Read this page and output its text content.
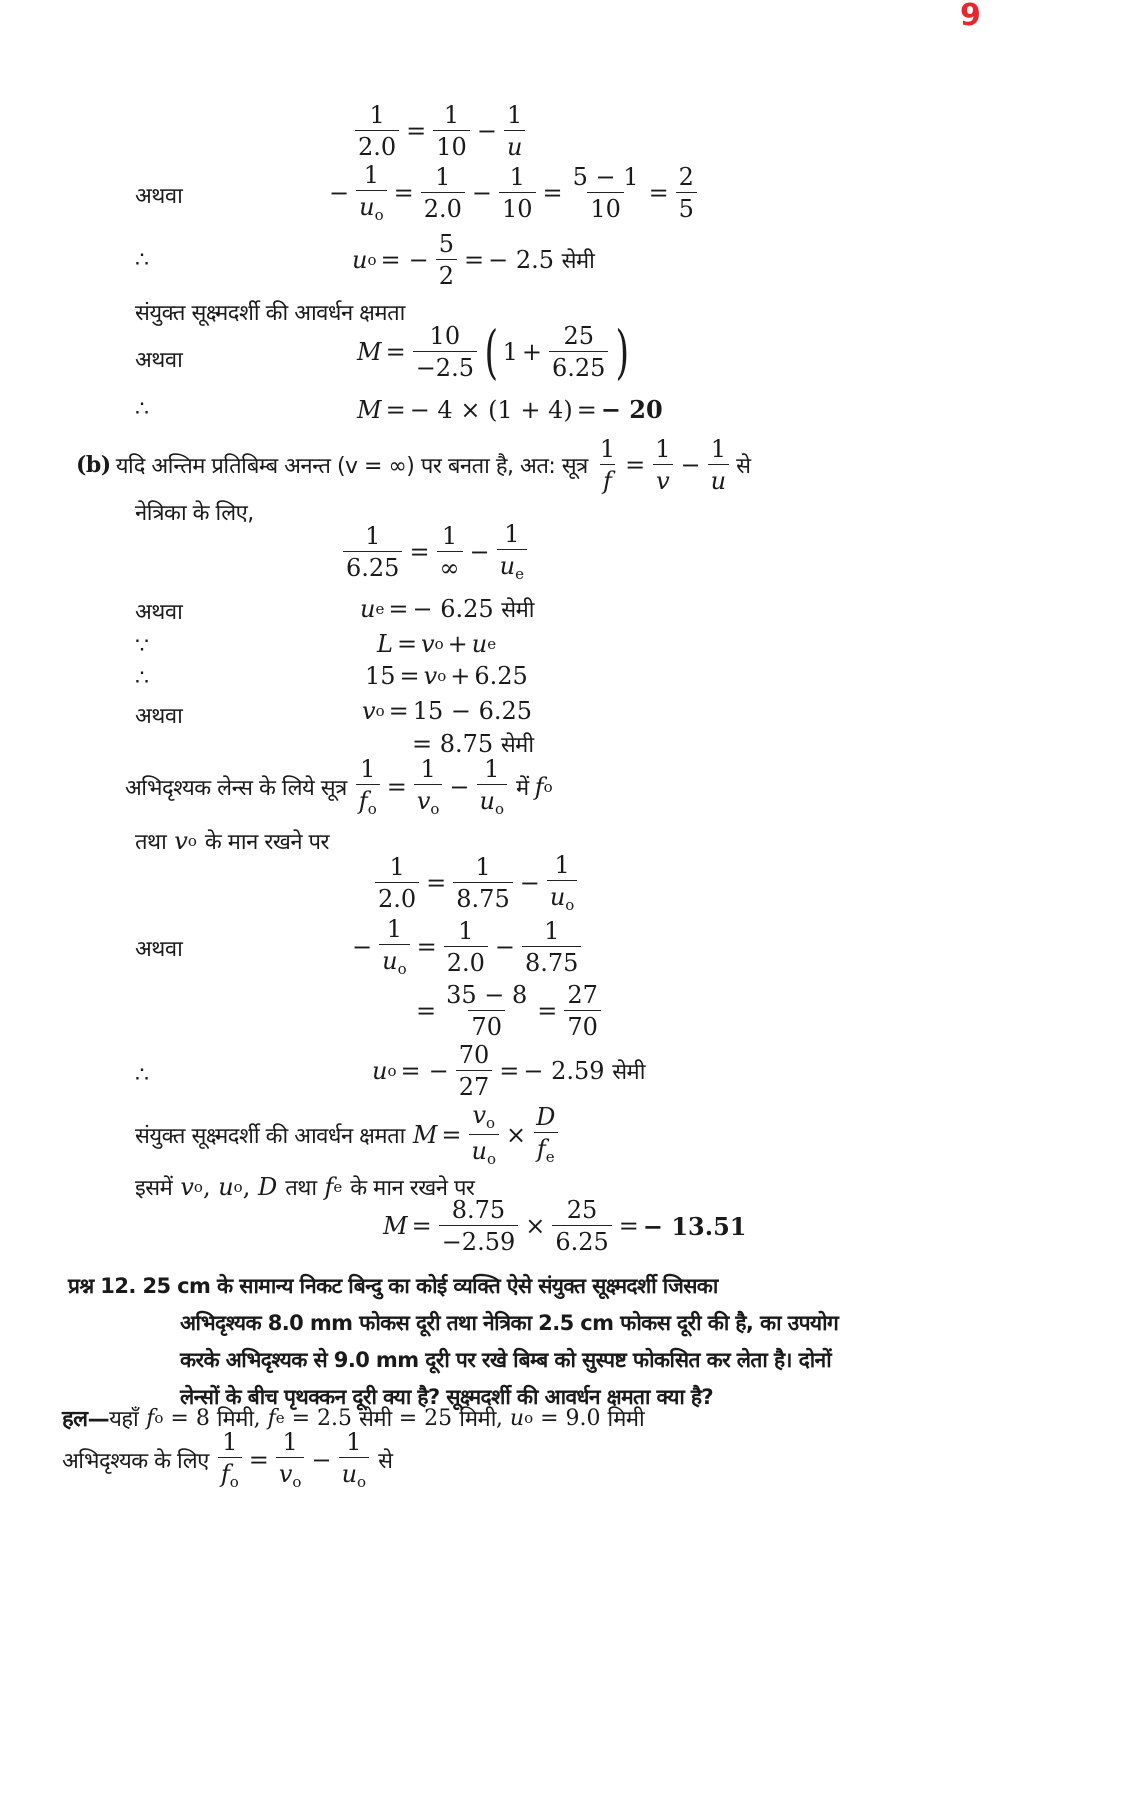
9
$\frac{1}{2.0} = \frac{1}{10} - \frac{1}{u}$
अथवा	− $\frac{1}{u_o} = \frac{1}{2.0} - \frac{1}{10} = \frac{5 - 1}{10} = \frac{2}{5}$
∴	u o = − $\frac{5}{2}$ = − 2.5
सेमी
संयुक्त सूक्ष्मदर्शी की आवर्धन क्षमता
अथवा	$M = \frac{10}{-2.5}$ ( $1 + \frac{25}{6.25}$ )
∴	M = − 4 × (1 + 4) = − 20
(b)
यदि अन्तिम प्रतिबिम्ब अनन्त (v = ∞) पर बनता है, अत: सूत्र $\frac{1}{f} = \frac{1}{v} - \frac{1}{u}$ से
नेत्रिका के लिए,
$\frac{1}{6.25} = \frac{1}{\infty} - \frac{1}{u_e}$
अथवा	u e = − 6.25 सेमी
∵	L = v o + u e
∴	15 = v o + 6.25
अथवा	v o = 15 − 6.25
= 8.75 सेमी
अभिदृश्यक लेन्स के लिये सूत्र $\frac{1}{f_o} = \frac{1}{v_o} - \frac{1}{u_o}$ में f o
तथा v o के मान रखने पर
$\frac{1}{2.0} = \frac{1}{8.75} - \frac{1}{u_o}$
अथवा	− $\frac{1}{u_o} = \frac{1}{2.0} - \frac{1}{8.75}$
= $\frac{35 - 8}{70} = \frac{27}{70}$
∴	u o = − $\frac{70}{27}$ = − 2.59 सेमी
संयुक्त सूक्ष्मदर्शी की आवर्धन क्षमता $M = \frac{v_o}{u_o} \times \frac{D}{f_e}$
इसमें v o , u o , D तथा f e के मान रखने पर
$M = \frac{8.75}{-2.59} \times \frac{25}{6.25}$ = − 13.51
प्रश्न 12. 25 cm के सामान्य निकट बिन्दु का कोई व्यक्ति ऐसे संयुक्त सूक्ष्मदर्शी जिसका
अभिदृश्यक 8.0 mm फोकस दूरी तथा नेत्रिका 2.5 cm फोकस दूरी की है, का उपयोग
करके अभिदृश्यक से 9.0 mm दूरी पर रखे बिम्ब को सुस्पष्ट फोकसित कर लेता है। दोनों
लेन्सों के बीच पृथक्कन दूरी क्या है? सूक्ष्मदर्शी की आवर्धन क्षमता क्या है?
हल— यहाँ f o = 8 मिमी , f e = 2.5 सेमी = 25 मिमी , u o = 9.0 मिमी
अभिदृश्यक के लिए $\frac{1}{f_o} = \frac{1}{v_o} - \frac{1}{u_o}$ से
